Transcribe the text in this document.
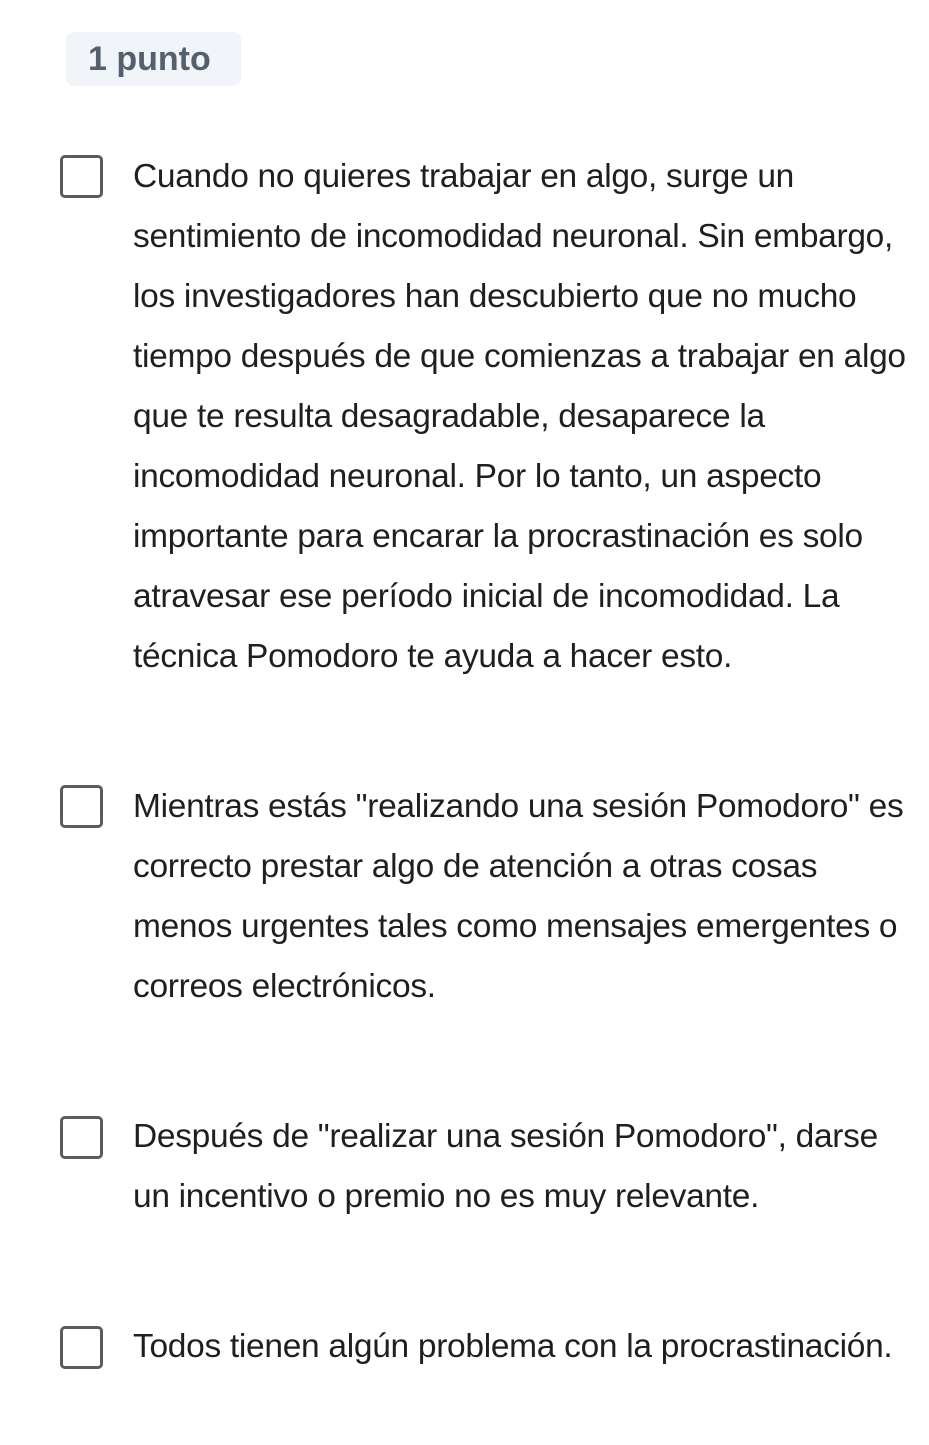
1 punto
Cuando no quieres trabajar en algo, surge un sentimiento de incomodidad neuronal. Sin embargo, los investigadores han descubierto que no mucho tiempo después de que comienzas a trabajar en algo que te resulta desagradable, desaparece la incomodidad neuronal. Por lo tanto, un aspecto importante para encarar la procrastinación es solo atravesar ese período inicial de incomodidad. La técnica Pomodoro te ayuda a hacer esto.
Mientras estás "realizando una sesión Pomodoro" es correcto prestar algo de atención a otras cosas menos urgentes tales como mensajes emergentes o correos electrónicos.
Después de "realizar una sesión Pomodoro", darse un incentivo o premio no es muy relevante.
Todos tienen algún problema con la procrastinación.
